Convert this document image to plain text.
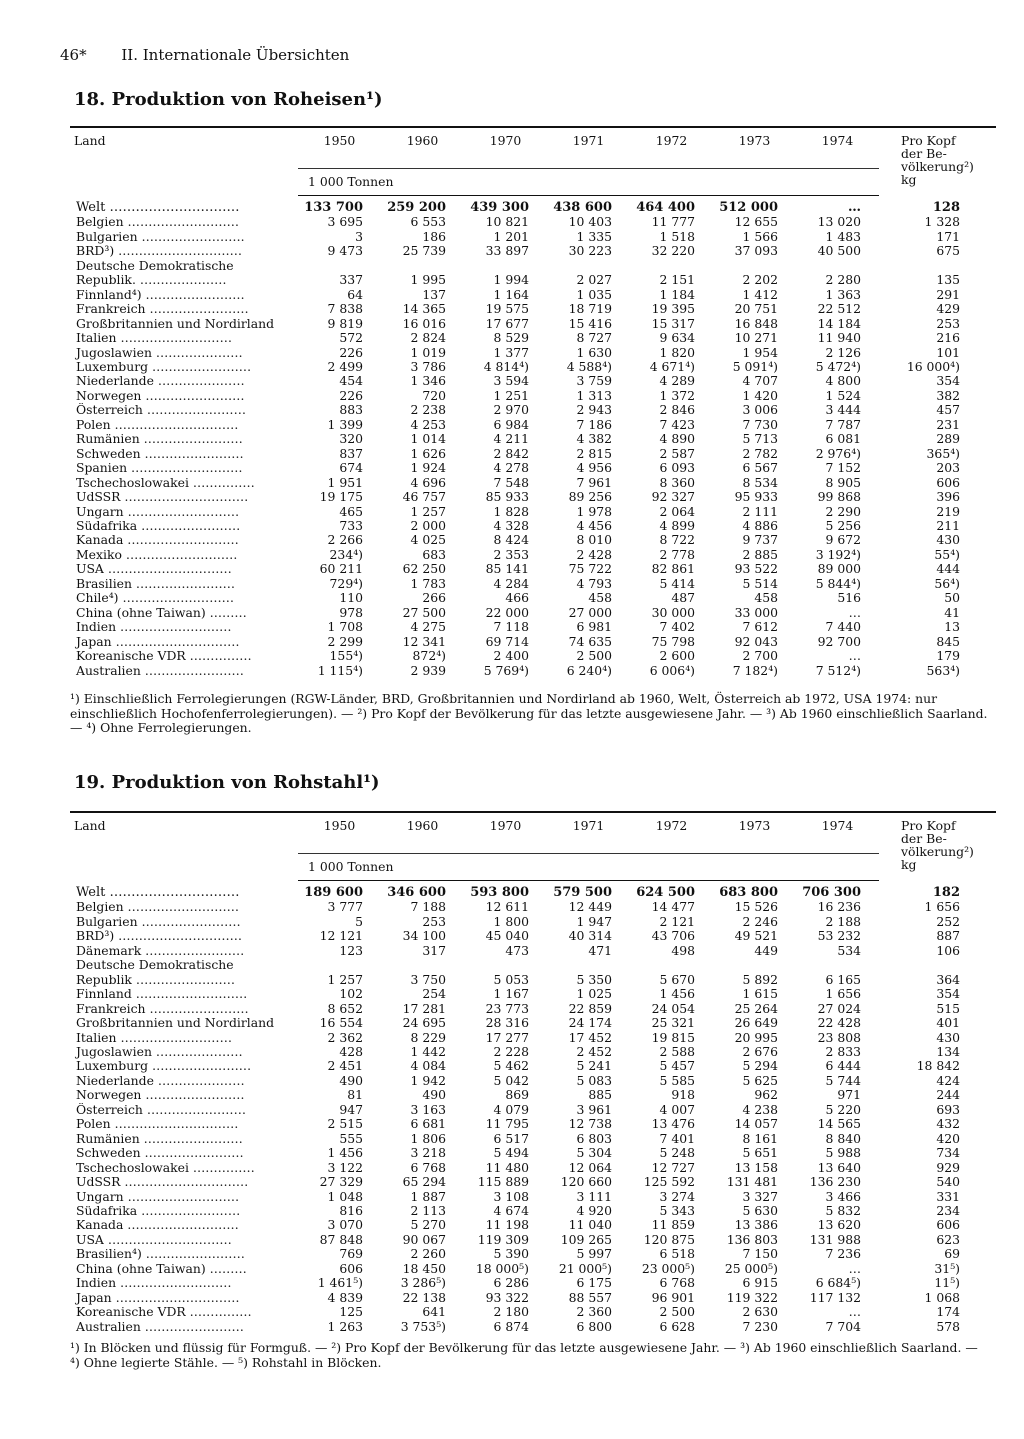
46* II. Internationale Übersichten
18. Produktion von Roheisen¹)
Land	1950	1960	1970	1971	1972	1973	1974	Pro Kopf
der Be-
völkerung²)
kg

	1 000 Tonnen							
Welt …………………………	133 700	259 200	439 300	438 600	464 400	512 000	…	128
Belgien ………………………	3 695	6 553	10 821	10 403	11 777	12 655	13 020	1 328
Bulgarien …………………….	3	186	1 201	1 335	1 518	1 566	1 483	171
BRD³) …………………………	9 473	25 739	33 897	30 223	32 220	37 093	40 500	675
Deutsche Demokratische								
Republik. …………………	337	1 995	1 994	2 027	2 151	2 202	2 280	135
Finnland⁴) ……………………	64	137	1 164	1 035	1 184	1 412	1 363	291
Frankreich ……………………	7 838	14 365	19 575	18 719	19 395	20 751	22 512	429
Großbritannien und Nordirland	9 819	16 016	17 677	15 416	15 317	16 848	14 184	253
Italien ………………………	572	2 824	8 529	8 727	9 634	10 271	11 940	216
Jugoslawien …………………	226	1 019	1 377	1 630	1 820	1 954	2 126	101
Luxemburg ……………………	2 499	3 786	4 814⁴)	4 588⁴)	4 671⁴)	5 091⁴)	5 472⁴)	16 000⁴)
Niederlande …………………	454	1 346	3 594	3 759	4 289	4 707	4 800	354
Norwegen ……………………	226	720	1 251	1 313	1 372	1 420	1 524	382
Österreich ……………………	883	2 238	2 970	2 943	2 846	3 006	3 444	457
Polen …………………………	1 399	4 253	6 984	7 186	7 423	7 730	7 787	231
Rumänien ……………………	320	1 014	4 211	4 382	4 890	5 713	6 081	289
Schweden ……………………	837	1 626	2 842	2 815	2 587	2 782	2 976⁴)	365⁴)
Spanien ………………………	674	1 924	4 278	4 956	6 093	6 567	7 152	203
Tschechoslowakei ……………	1 951	4 696	7 548	7 961	8 360	8 534	8 905	606
UdSSR …………………………	19 175	46 757	85 933	89 256	92 327	95 933	99 868	396
Ungarn ………………………	465	1 257	1 828	1 978	2 064	2 111	2 290	219
Südafrika ……………………	733	2 000	4 328	4 456	4 899	4 886	5 256	211
Kanada ………………………	2 266	4 025	8 424	8 010	8 722	9 737	9 672	430
Mexiko ………………………	234⁴)	683	2 353	2 428	2 778	2 885	3 192⁴)	55⁴)
USA …………………………	60 211	62 250	85 141	75 722	82 861	93 522	89 000	444
Brasilien ……………………	729⁴)	1 783	4 284	4 793	5 414	5 514	5 844⁴)	56⁴)
Chile⁴) ………………………	110	266	466	458	487	458	516	50
China (ohne Taiwan) ………	978	27 500	22 000	27 000	30 000	33 000	…	41
Indien ………………………	1 708	4 275	7 118	6 981	7 402	7 612	7 440	13
Japan …………………………	2 299	12 341	69 714	74 635	75 798	92 043	92 700	845
Koreanische VDR ……………	155⁴)	872⁴)	2 400	2 500	2 600	2 700	…	179
Australien ……………………	1 115⁴)	2 939	5 769⁴)	6 240⁴)	6 006⁴)	7 182⁴)	7 512⁴)	563⁴)
¹) Einschließlich Ferrolegierungen (RGW-Länder, BRD, Großbritannien und Nordirland ab 1960, Welt, Österreich ab 1972, USA 1974: nur einschließlich Hochofenferrolegierungen). — ²) Pro Kopf der Bevölkerung für das letzte ausgewiesene Jahr. — ³) Ab 1960 einschließlich Saarland. — ⁴) Ohne Ferrolegierungen.
19. Produktion von Rohstahl¹)
Land	1950	1960	1970	1971	1972	1973	1974	Pro Kopf
der Be-
völkerung²)
kg

	1 000 Tonnen							
Welt …………………………	189 600	346 600	593 800	579 500	624 500	683 800	706 300	182
Belgien ………………………	3 777	7 188	12 611	12 449	14 477	15 526	16 236	1 656
Bulgarien ……………………	5	253	1 800	1 947	2 121	2 246	2 188	252
BRD³) …………………………	12 121	34 100	45 040	40 314	43 706	49 521	53 232	887
Dänemark ……………………	123	317	473	471	498	449	534	106
Deutsche Demokratische								
Republik ……………………	1 257	3 750	5 053	5 350	5 670	5 892	6 165	364
Finnland ………………………	102	254	1 167	1 025	1 456	1 615	1 656	354
Frankreich ……………………	8 652	17 281	23 773	22 859	24 054	25 264	27 024	515
Großbritannien und Nordirland	16 554	24 695	28 316	24 174	25 321	26 649	22 428	401
Italien ………………………	2 362	8 229	17 277	17 452	19 815	20 995	23 808	430
Jugoslawien …………………	428	1 442	2 228	2 452	2 588	2 676	2 833	134
Luxemburg ……………………	2 451	4 084	5 462	5 241	5 457	5 294	6 444	18 842
Niederlande …………………	490	1 942	5 042	5 083	5 585	5 625	5 744	424
Norwegen ……………………	81	490	869	885	918	962	971	244
Österreich ……………………	947	3 163	4 079	3 961	4 007	4 238	5 220	693
Polen …………………………	2 515	6 681	11 795	12 738	13 476	14 057	14 565	432
Rumänien ……………………	555	1 806	6 517	6 803	7 401	8 161	8 840	420
Schweden ……………………	1 456	3 218	5 494	5 304	5 248	5 651	5 988	734
Tschechoslowakei ……………	3 122	6 768	11 480	12 064	12 727	13 158	13 640	929
UdSSR …………………………	27 329	65 294	115 889	120 660	125 592	131 481	136 230	540
Ungarn ………………………	1 048	1 887	3 108	3 111	3 274	3 327	3 466	331
Südafrika ……………………	816	2 113	4 674	4 920	5 343	5 630	5 832	234
Kanada ………………………	3 070	5 270	11 198	11 040	11 859	13 386	13 620	606
USA …………………………	87 848	90 067	119 309	109 265	120 875	136 803	131 988	623
Brasilien⁴) ……………………	769	2 260	5 390	5 997	6 518	7 150	7 236	69
China (ohne Taiwan) ………	606	18 450	18 000⁵)	21 000⁵)	23 000⁵)	25 000⁵)	…	31⁵)
Indien ………………………	1 461⁵)	3 286⁵)	6 286	6 175	6 768	6 915	6 684⁵)	11⁵)
Japan …………………………	4 839	22 138	93 322	88 557	96 901	119 322	117 132	1 068
Koreanische VDR ……………	125	641	2 180	2 360	2 500	2 630	…	174
Australien ……………………	1 263	3 753⁵)	6 874	6 800	6 628	7 230	7 704	578
¹) In Blöcken und flüssig für Formguß. — ²) Pro Kopf der Bevölkerung für das letzte ausgewiesene Jahr. — ³) Ab 1960 einschließlich Saarland. — ⁴) Ohne legierte Stähle. — ⁵) Rohstahl in Blöcken.
